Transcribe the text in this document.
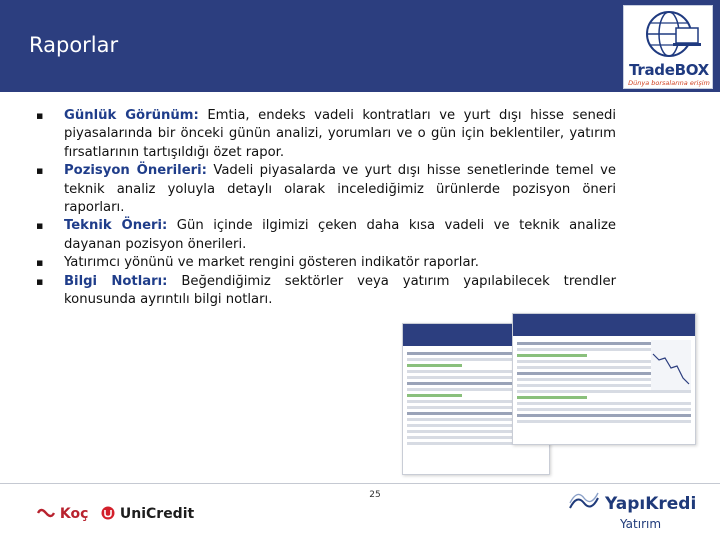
Raporlar
TradeBOX
Dünya borsalarına erişim
▪ Günlük Görünüm: Emtia, endeks vadeli kontratları ve yurt dışı hisse senedi piyasalarında bir önceki günün analizi, yorumları ve o gün için beklentiler, yatırım fırsatlarının tartışıldığı özet rapor.
▪ Pozisyon Önerileri: Vadeli piyasalarda ve yurt dışı hisse senetlerinde temel ve teknik analiz yoluyla detaylı olarak incelediğimiz ürünlerde pozisyon öneri raporları.
▪ Teknik Öneri: Gün içinde ilgimizi çeken daha kısa vadeli ve teknik analize dayanan pozisyon önerileri.
▪ Yatırımcı yönünü ve market rengini gösteren indikatör raporlar.
▪ Bilgi Notları: Beğendiğimiz sektörler veya yatırım yapılabilecek trendler konusunda ayrıntılı bilgi notları.
25
Koç	UniCredit	YapıKredi
Yatırım
